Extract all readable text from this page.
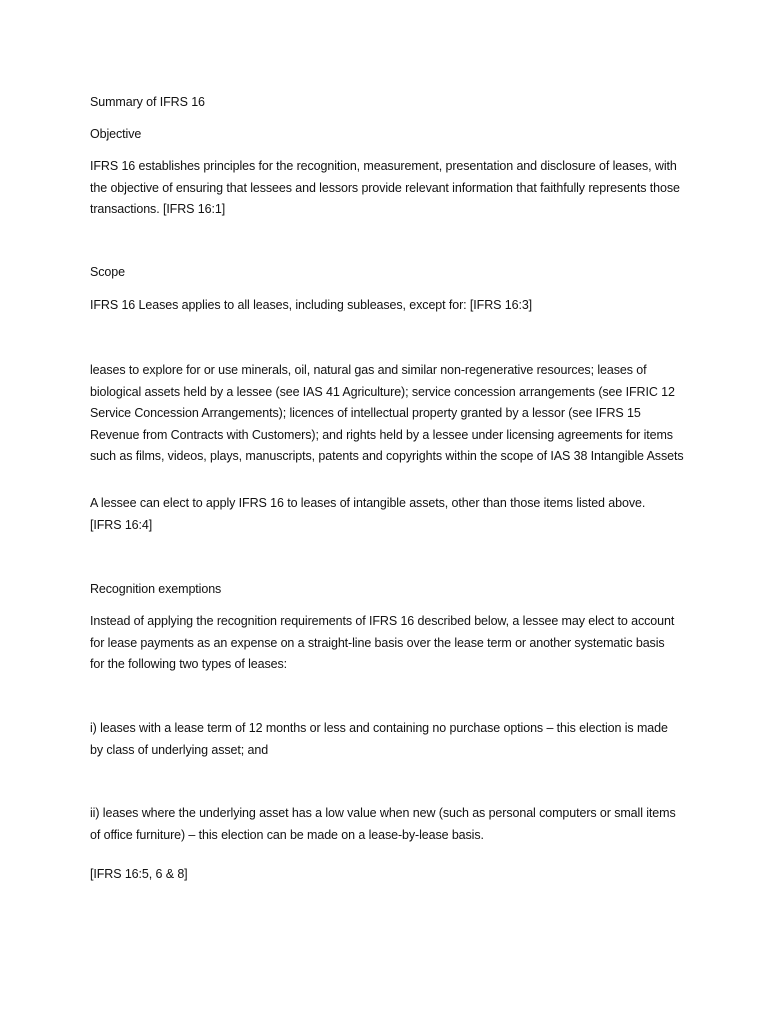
Summary of IFRS 16

Objective

IFRS 16 establishes principles for the recognition, measurement, presentation and disclosure of leases, with the objective of ensuring that lessees and lessors provide relevant information that faithfully represents those transactions. [IFRS 16:1]

Scope

IFRS 16 Leases applies to all leases, including subleases, except for: [IFRS 16:3]

leases to explore for or use minerals, oil, natural gas and similar non-regenerative resources; leases of biological assets held by a lessee (see IAS 41 Agriculture); service concession arrangements (see IFRIC 12 Service Concession Arrangements); licences of intellectual property granted by a lessor (see IFRS 15 Revenue from Contracts with Customers); and rights held by a lessee under licensing agreements for items such as films, videos, plays, manuscripts, patents and copyrights within the scope of IAS 38 Intangible Assets

A lessee can elect to apply IFRS 16 to leases of intangible assets, other than those items listed above. [IFRS 16:4]

Recognition exemptions

Instead of applying the recognition requirements of IFRS 16 described below, a lessee may elect to account for lease payments as an expense on a straight-line basis over the lease term or another systematic basis for the following two types of leases:

i) leases with a lease term of 12 months or less and containing no purchase options – this election is made by class of underlying asset; and

ii) leases where the underlying asset has a low value when new (such as personal computers or small items of office furniture) – this election can be made on a lease-by-lease basis.

[IFRS 16:5, 6 & 8]
